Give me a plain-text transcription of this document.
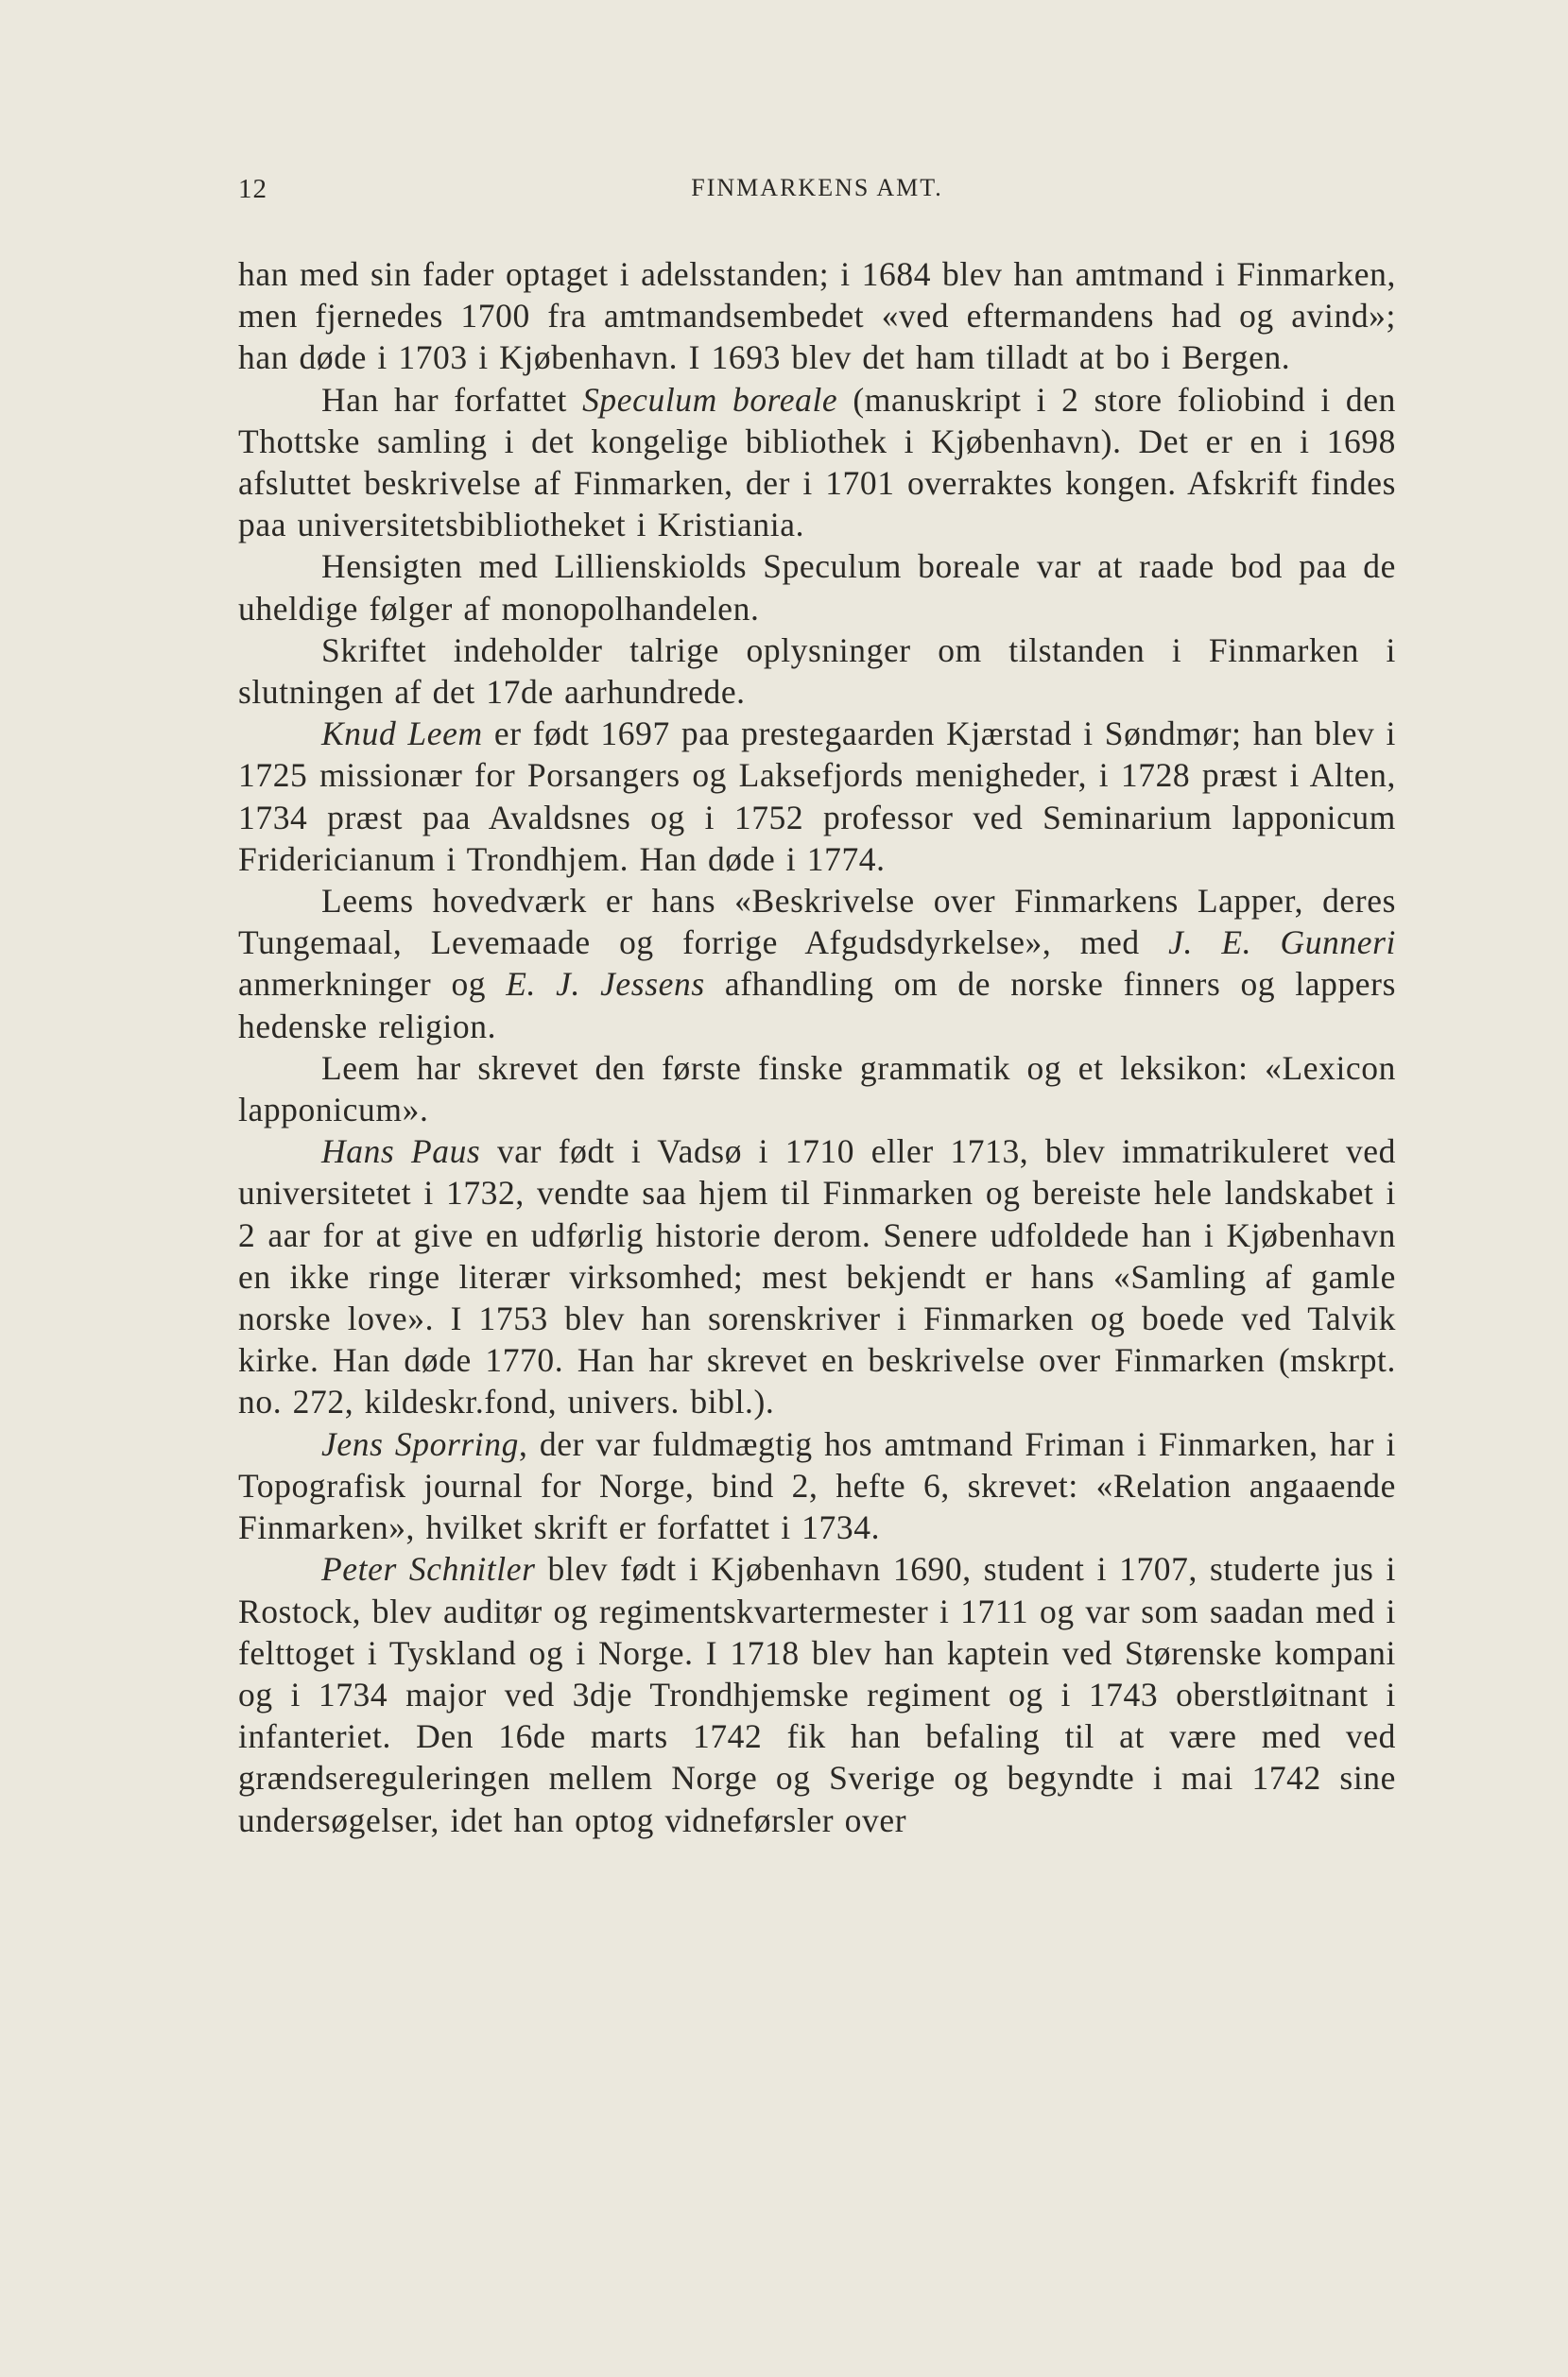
12	FINMARKENS AMT.

han med sin fader optaget i adelsstanden; i 1684 blev han amtmand i Finmarken, men fjernedes 1700 fra amtmandsembedet «ved eftermandens had og avind»; han døde i 1703 i Kjøbenhavn. I 1693 blev det ham tilladt at bo i Bergen.

Han har forfattet Speculum boreale (manuskript i 2 store foliobind i den Thottske samling i det kongelige bibliothek i Kjøbenhavn). Det er en i 1698 afsluttet beskrivelse af Finmarken, der i 1701 overraktes kongen. Afskrift findes paa universitetsbibliotheket i Kristiania.

Hensigten med Lillienskiolds Speculum boreale var at raade bod paa de uheldige følger af monopolhandelen.

Skriftet indeholder talrige oplysninger om tilstanden i Finmarken i slutningen af det 17de aarhundrede.

Knud Leem er født 1697 paa prestegaarden Kjærstad i Søndmør; han blev i 1725 missionær for Porsangers og Laksefjords menigheder, i 1728 præst i Alten, 1734 præst paa Avaldsnes og i 1752 professor ved Seminarium lapponicum Fridericianum i Trondhjem. Han døde i 1774.

Leems hovedværk er hans «Beskrivelse over Finmarkens Lapper, deres Tungemaal, Levemaade og forrige Afgudsdyrkelse», med J. E. Gunneri anmerkninger og E. J. Jessens afhandling om de norske finners og lappers hedenske religion.

Leem har skrevet den første finske grammatik og et leksikon: «Lexicon lapponicum».

Hans Paus var født i Vadsø i 1710 eller 1713, blev immatrikuleret ved universitetet i 1732, vendte saa hjem til Finmarken og bereiste hele landskabet i 2 aar for at give en udførlig historie derom. Senere udfoldede han i Kjøbenhavn en ikke ringe literær virksomhed; mest bekjendt er hans «Samling af gamle norske love». I 1753 blev han sorenskriver i Finmarken og boede ved Talvik kirke. Han døde 1770. Han har skrevet en beskrivelse over Finmarken (mskrpt. no. 272, kildeskr.fond, univers. bibl.).

Jens Sporring, der var fuldmægtig hos amtmand Friman i Finmarken, har i Topografisk journal for Norge, bind 2, hefte 6, skrevet: «Relation angaaende Finmarken», hvilket skrift er forfattet i 1734.

Peter Schnitler blev født i Kjøbenhavn 1690, student i 1707, studerte jus i Rostock, blev auditør og regimentskvartermester i 1711 og var som saadan med i felttoget i Tyskland og i Norge. I 1718 blev han kaptein ved Størenske kompani og i 1734 major ved 3dje Trondhjemske regiment og i 1743 oberstløitnant i infanteriet. Den 16de marts 1742 fik han befaling til at være med ved grændsereguleringen mellem Norge og Sverige og begyndte i mai 1742 sine undersøgelser, idet han optog vidneførsler over
